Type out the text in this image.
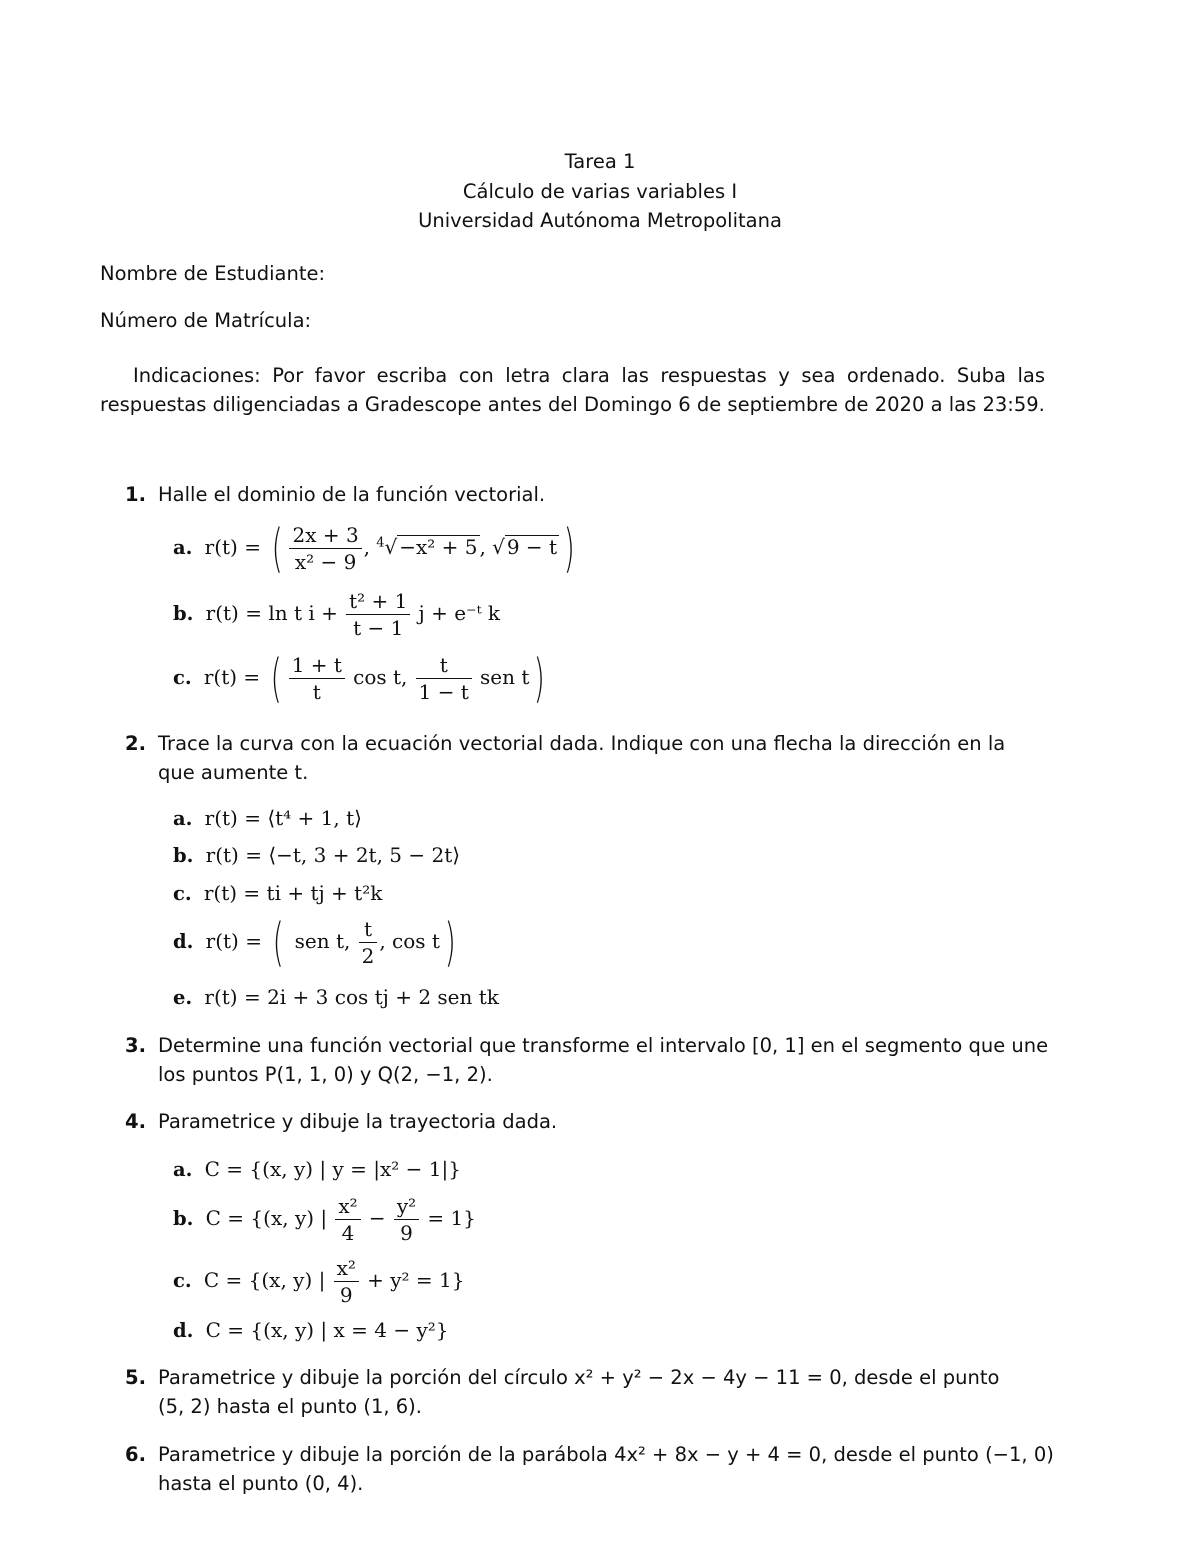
Tarea 1
Cálculo de varias variables I
Universidad Autónoma Metropolitana
Nombre de Estudiante:
Número de Matrícula:
Indicaciones: Por favor escriba con letra clara las respuestas y sea ordenado. Suba las respuestas diligenciadas a Gradescope antes del Domingo 6 de septiembre de 2020 a las 23:59.
1. Halle el dominio de la función vectorial.
a. r(t) = ( $\frac{2x + 3}{\text{x² − 9}}$ , $^4$√ −x² + 5 , √ 9 − t )
b. r(t) = ln t $i + \frac{\text{t² + 1}}{t - 1}$ j + e⁻ᵗ k
c. r(t) = ( $\frac{1 + t}{t}$ cos t, $\frac{t}{1 - t}$ sen t)
2. Trace la curva con la ecuación vectorial dada. Indique con una flecha la dirección en la
que aumente t.
a. r(t) = ⟨t⁴ + 1, t⟩
b. r(t) = ⟨−t, 3 + 2t, 5 − 2t⟩
c. r(t) = ti + tj + t²k
d. r(t) = ( sen t, $\frac{t}{2}$ , cos t)
e. r(t) = 2i + 3 cos tj + 2 sen tk
3. Determine una función vectorial que transforme el intervalo [0, 1] en el segmento que une
los puntos P(1, 1, 0) y Q(2, −1, 2).
4. Parametrice y dibuje la trayectoria dada.
a. C = {(x, y) | y = |x² − 1|}
b. C = {(x, y) | $\frac{\text{x²}}{4} - \frac{\text{y²}}{9} = 1$}
c. C = {(x, y) | $\frac{\text{x²}}{9} + y^2 = 1$}
d. C = {(x, y) | x = 4 − y²}
5. Parametrice y dibuje la porción del círculo x² + y² − 2x − 4y − 11 = 0, desde el punto
(5, 2) hasta el punto (1, 6).
6. Parametrice y dibuje la porción de la parábola 4x² + 8x − y + 4 = 0, desde el punto (−1, 0)
hasta el punto (0, 4).
